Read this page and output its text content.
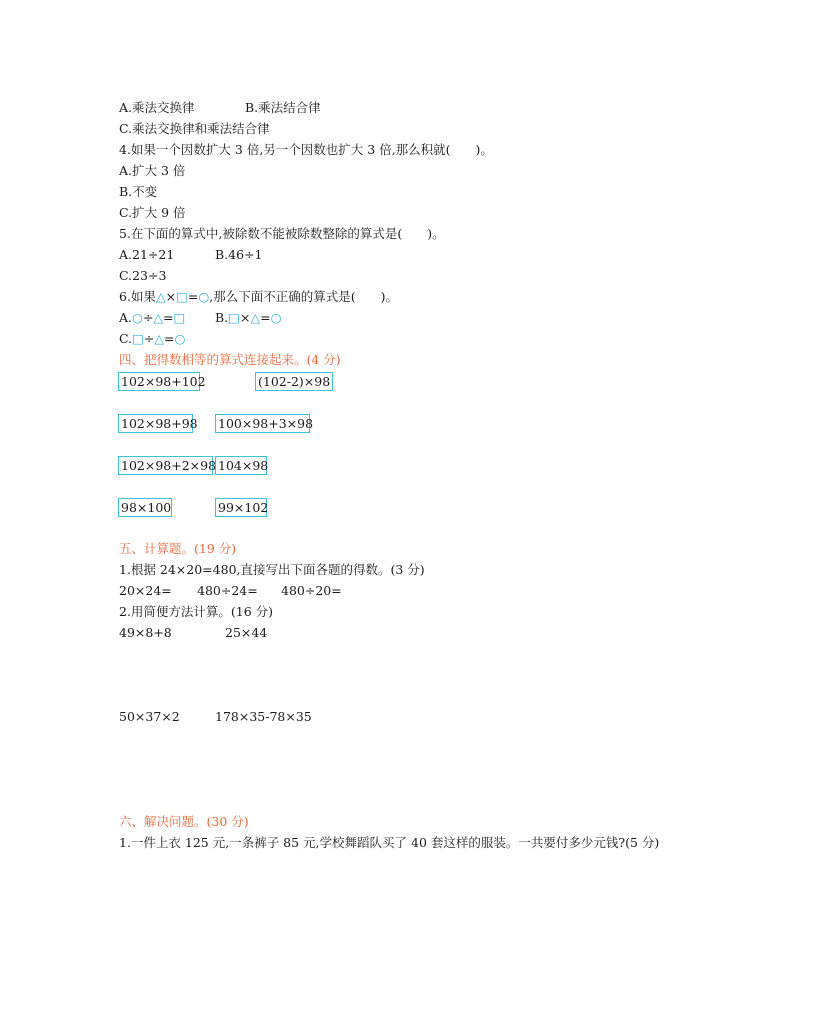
A.乘法交换律	B.乘法结合律
C.乘法交换律和乘法结合律
4.如果一个因数扩大 3 倍,另一个因数也扩大 3 倍,那么积就(　　)。
A.扩大 3 倍
B.不变
C.扩大 9 倍
5.在下面的算式中,被除数不能被除数整除的算式是(　　)。
A.21÷21	B.46÷1
C.23÷3
6.如果△×□=○,那么下面不正确的算式是(　　)。
A.○÷△=□ B.□×△=○
C.□÷△=○
四、把得数相等的算式连接起来。(4 分)
102×98+102	(102-2)×98
102×98+98 100×98+3×98
102×98+2×98 104×98
98×100	99×102
五、计算题。(19 分)
1.根据 24×20=480,直接写出下面各题的得数。(3 分)
20×24= 480÷24= 480÷20=
2.用简便方法计算。(16 分)
49×8+8	25×44
50×37×2	178×35-78×35
六、解决问题。(30 分)
1.一件上衣 125 元,一条裤子 85 元,学校舞蹈队买了 40 套这样的服装。一共要付多少元钱?(5 分)
